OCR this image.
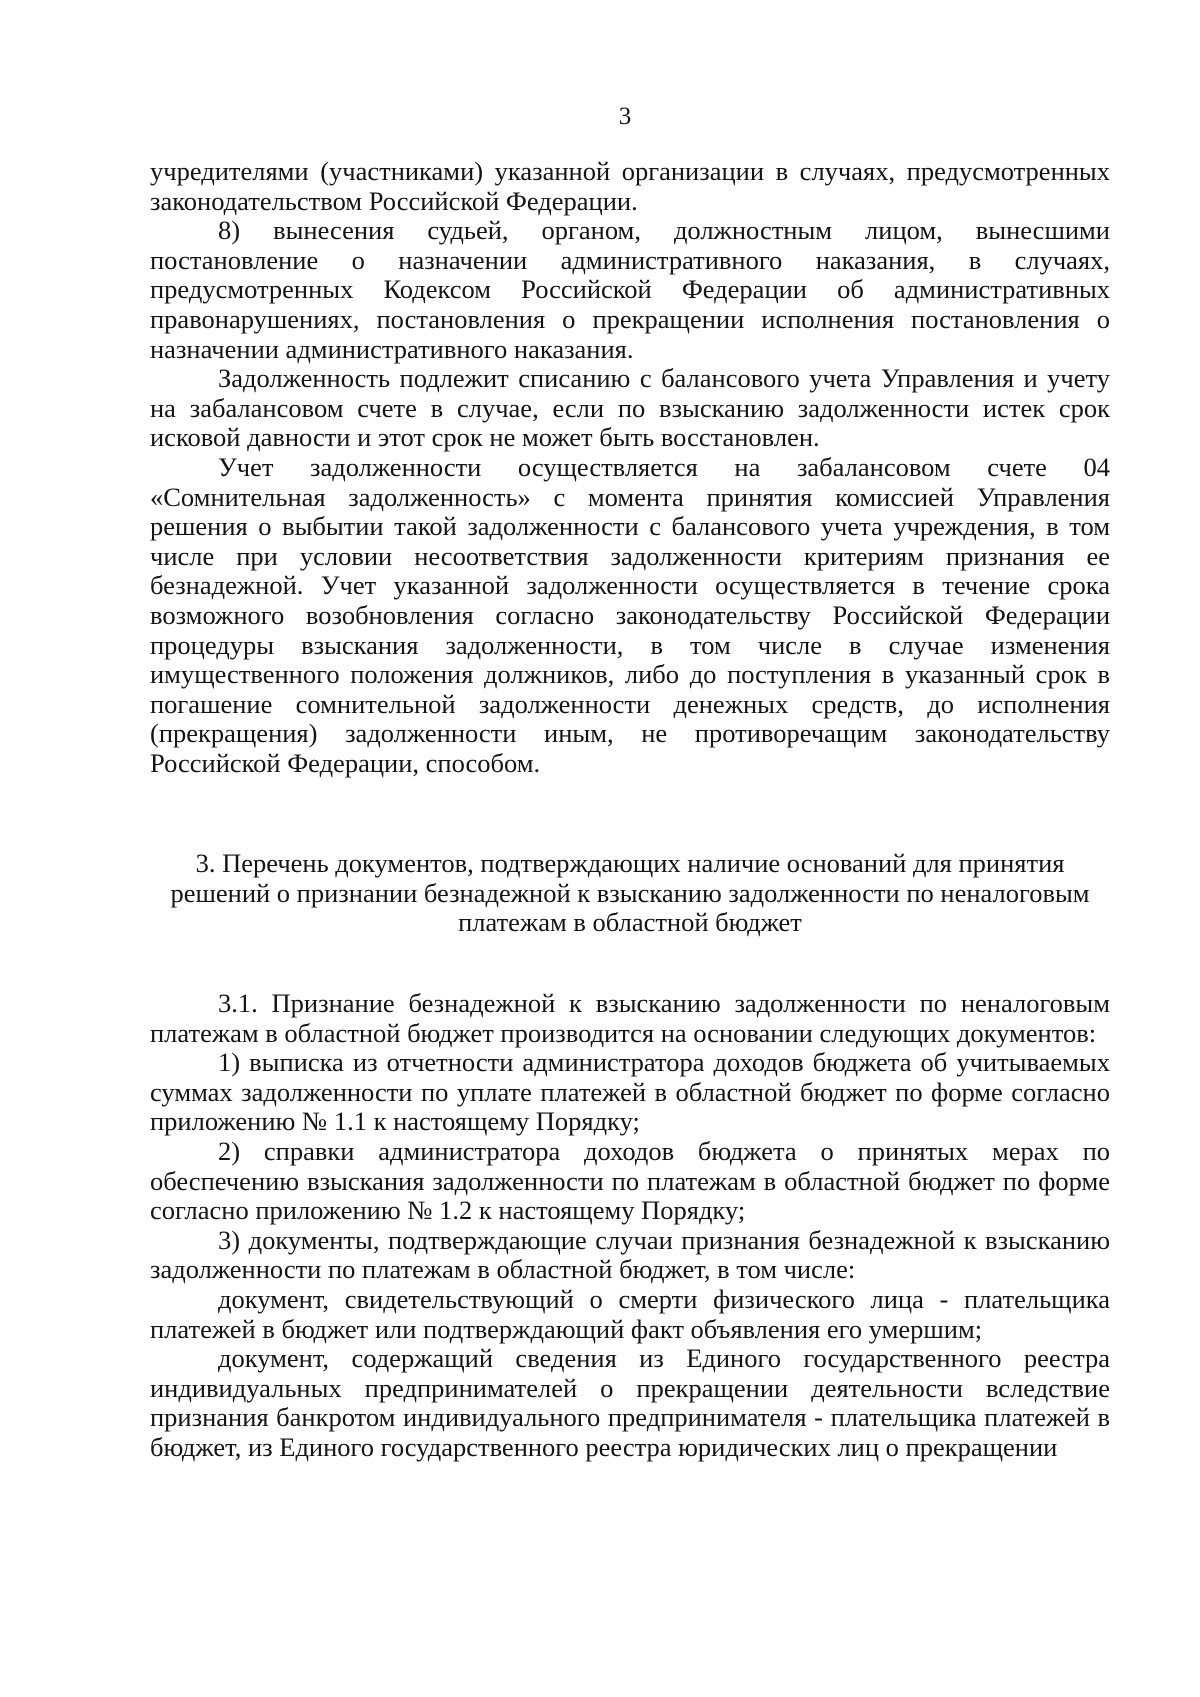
3

учредителями (участниками) указанной организации в случаях, предусмотренных законодательством Российской Федерации.

8) вынесения судьей, органом, должностным лицом, вынесшими постановление о назначении административного наказания, в случаях, предусмотренных Кодексом Российской Федерации об административных правонарушениях, постановления о прекращении исполнения постановления о назначении административного наказания.

Задолженность подлежит списанию с балансового учета Управления и учету на забалансовом счете в случае, если по взысканию задолженности истек срок исковой давности и этот срок не может быть восстановлен.

Учет задолженности осуществляется на забалансовом счете 04 «Сомнительная задолженность» с момента принятия комиссией Управления решения о выбытии такой задолженности с балансового учета учреждения, в том числе при условии несоответствия задолженности критериям признания ее безнадежной. Учет указанной задолженности осуществляется в течение срока возможного возобновления согласно законодательству Российской Федерации процедуры взыскания задолженности, в том числе в случае изменения имущественного положения должников, либо до поступления в указанный срок в погашение сомнительной задолженности денежных средств, до исполнения (прекращения) задолженности иным, не противоречащим законодательству Российской Федерации, способом.

3. Перечень документов, подтверждающих наличие оснований для принятия
решений о признании безнадежной к взысканию задолженности по неналоговым
платежам в областной бюджет

3.1. Признание безнадежной к взысканию задолженности по неналоговым платежам в областной бюджет производится на основании следующих документов:

1) выписка из отчетности администратора доходов бюджета об учитываемых суммах задолженности по уплате платежей в областной бюджет по форме согласно приложению № 1.1 к настоящему Порядку;

2) справки администратора доходов бюджета о принятых мерах по обеспечению взыскания задолженности по платежам в областной бюджет по форме согласно приложению № 1.2 к настоящему Порядку;

3) документы, подтверждающие случаи признания безнадежной к взысканию задолженности по платежам в областной бюджет, в том числе:

документ, свидетельствующий о смерти физического лица - плательщика платежей в бюджет или подтверждающий факт объявления его умершим;

документ, содержащий сведения из Единого государственного реестра индивидуальных предпринимателей о прекращении деятельности вследствие признания банкротом индивидуального предпринимателя - плательщика платежей в бюджет, из Единого государственного реестра юридических лиц о прекращении
